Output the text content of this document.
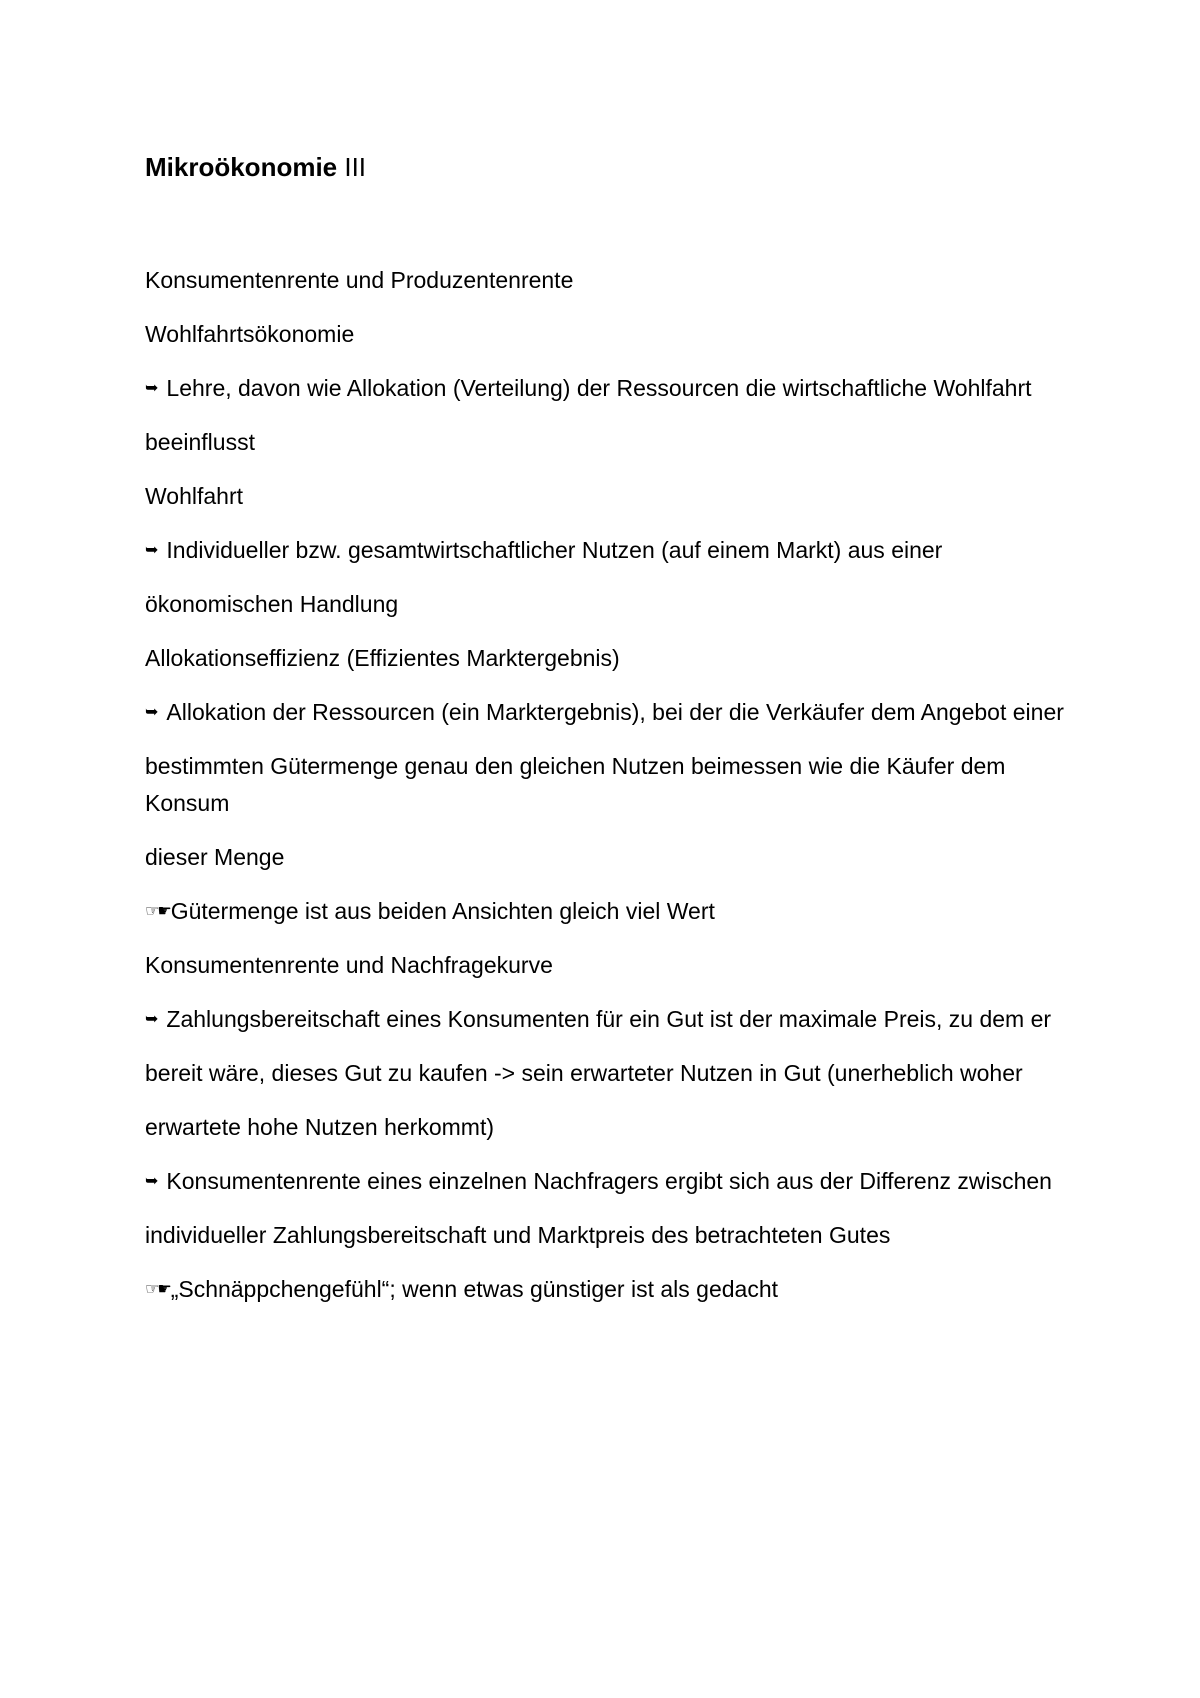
Mikroökonomie III
Konsumentenrente und Produzentenrente
Wohlfahrtsökonomie
➥ Lehre, davon wie Allokation (Verteilung) der Ressourcen die wirtschaftliche Wohlfahrt
beeinflusst
Wohlfahrt
➥ Individueller bzw. gesamtwirtschaftlicher Nutzen (auf einem Markt) aus einer
ökonomischen Handlung
Allokationseffizienz (Effizientes Marktergebnis)
➥ Allokation der Ressourcen (ein Marktergebnis), bei der die Verkäufer dem Angebot einer
bestimmten Gütermenge genau den gleichen Nutzen beimessen wie die Käufer dem Konsum
dieser Menge
☞☛Gütermenge ist aus beiden Ansichten gleich viel Wert
Konsumentenrente und Nachfragekurve
➥ Zahlungsbereitschaft eines Konsumenten für ein Gut ist der maximale Preis, zu dem er
bereit wäre, dieses Gut zu kaufen -> sein erwarteter Nutzen in Gut (unerheblich woher
erwartete hohe Nutzen herkommt)
➥ Konsumentenrente eines einzelnen Nachfragers ergibt sich aus der Differenz zwischen
individueller Zahlungsbereitschaft und Marktpreis des betrachteten Gutes
☞☛„Schnäppchengefühl“; wenn etwas günstiger ist als gedacht
